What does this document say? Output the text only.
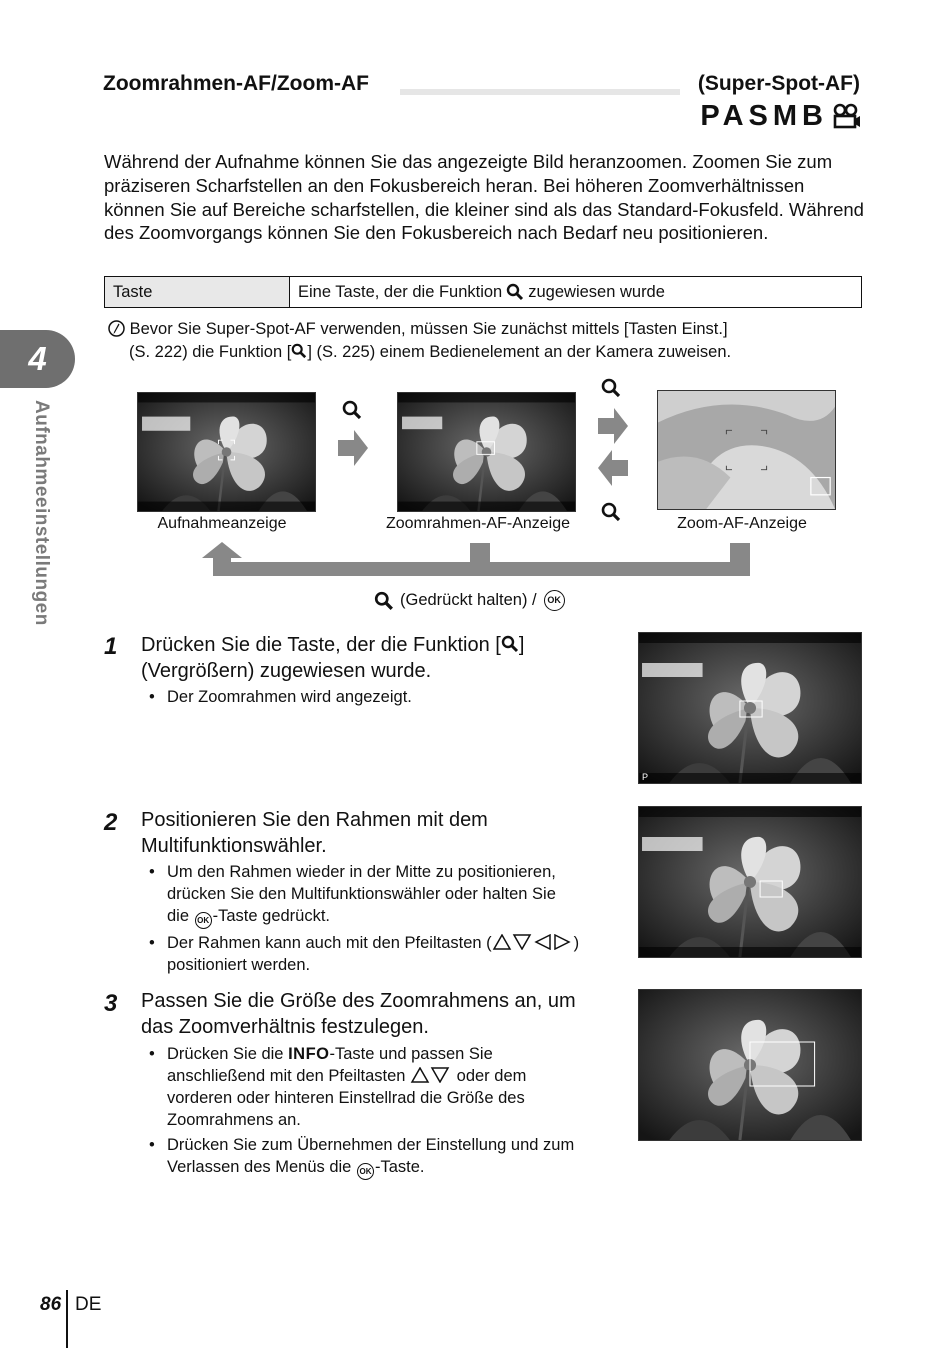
Zoomrahmen-AF/Zoom-AF	(Super-Spot-AF)
PASMB
Während der Aufnahme können Sie das angezeigte Bild heranzoomen. Zoomen Sie zum präziseren Scharfstellen an den Fokusbereich heran. Bei höheren Zoomverhältnissen können Sie auf Bereiche scharfstellen, die kleiner sind als das Standard-Fokusfeld. Während des Zoomvorgangs können Sie den Fokusbereich nach Bedarf neu positionieren.
Taste	Eine Taste, der die Funktion zugewiesen wurde
Bevor Sie Super-Spot-AF verwenden, müssen Sie zunächst mittels [Tasten Einst.]
(S. 222) die Funktion [ ] (S. 225) einem Bedienelement an der Kamera zuweisen.
4
Aufnahmeeinstellungen	Aufnahmeanzeige	Zoomrahmen-AF-Anzeige	Zoom-AF-Anzeige
(Gedrückt halten) /	OK
1 Drücken Sie die Taste, der die Funktion [ ]
(Vergrößern) zugewiesen wurde.
• Der Zoomrahmen wird angezeigt.
P
2 Positionieren Sie den Rahmen mit dem
Multifunktionswähler.
• Um den Rahmen wieder in der Mitte zu positionieren,
drücken Sie den Multifunktionswähler oder halten Sie
die OK -Taste gedrückt.
• Der Rahmen kann auch mit den Pfeiltasten (	)
positioniert werden.
3 Passen Sie die Größe des Zoomrahmens an, um
das Zoomverhältnis festzulegen.
• Drücken Sie die INFO-Taste und passen Sie
anschließend mit den Pfeiltasten	oder dem
vorderen oder hinteren Einstellrad die Größe des
Zoomrahmens an.
• Drücken Sie zum Übernehmen der Einstellung und zum
Verlassen des Menüs die OK -Taste.
86 DE
